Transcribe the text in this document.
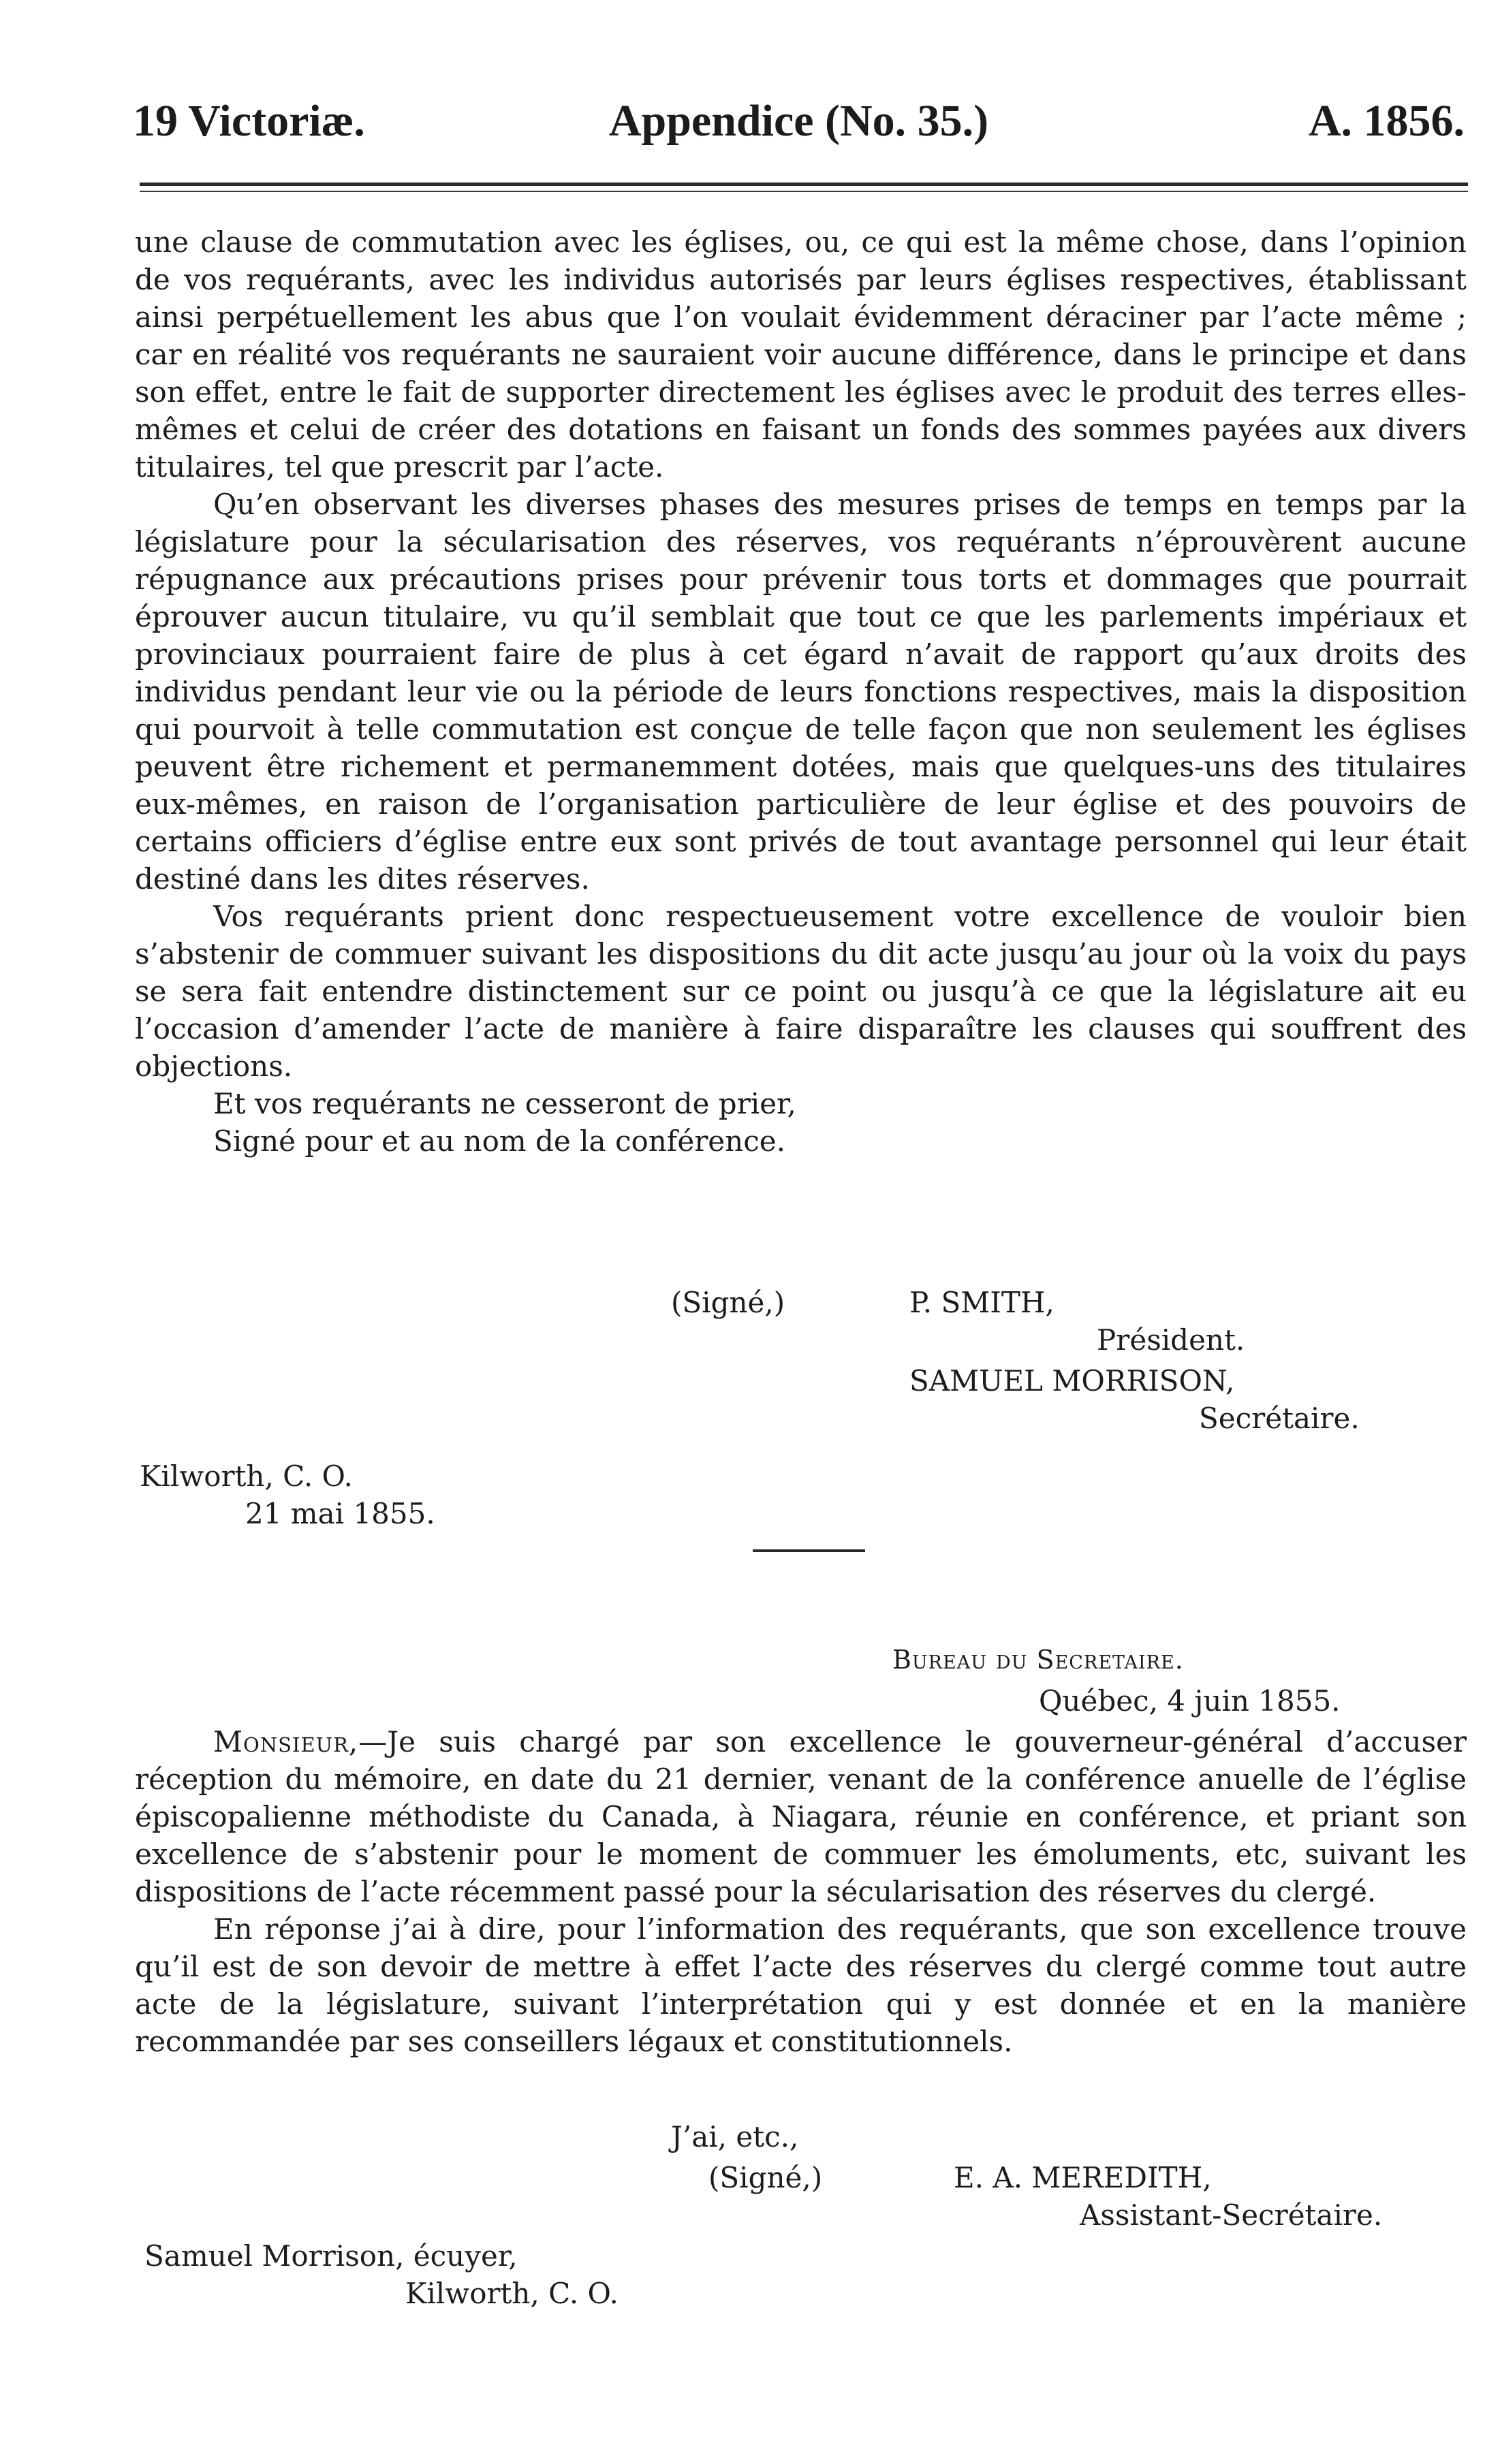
19 Victoriæ.	Appendice (No. 35.)	A. 1856.

une clause de commutation avec les églises, ou, ce qui est la même chose, dans l’opinion de vos requérants, avec les individus autorisés par leurs églises respectives, établissant ainsi perpétuellement les abus que l’on voulait évidemment déraciner par l’acte même ; car en réalité vos requérants ne sauraient voir aucune différence, dans le principe et dans son effet, entre le fait de supporter directement les églises avec le produit des terres elles-mêmes et celui de créer des dotations en faisant un fonds des sommes payées aux divers titulaires, tel que prescrit par l’acte.

Qu’en observant les diverses phases des mesures prises de temps en temps par la législature pour la sécularisation des réserves, vos requérants n’éprouvèrent aucune répugnance aux précautions prises pour prévenir tous torts et dommages que pourrait éprouver aucun titulaire, vu qu’il semblait que tout ce que les parlements impériaux et provinciaux pourraient faire de plus à cet égard n’avait de rapport qu’aux droits des individus pendant leur vie ou la période de leurs fonctions respectives, mais la disposition qui pourvoit à telle commutation est conçue de telle façon que non seulement les églises peuvent être richement et permanemment dotées, mais que quelques-uns des titulaires eux-mêmes, en raison de l’organisation particulière de leur église et des pouvoirs de certains officiers d’église entre eux sont privés de tout avantage personnel qui leur était destiné dans les dites réserves.

Vos requérants prient donc respectueusement votre excellence de vouloir bien s’abstenir de commuer suivant les dispositions du dit acte jusqu’au jour où la voix du pays se sera fait entendre distinctement sur ce point ou jusqu’à ce que la législature ait eu l’occasion d’amender l’acte de manière à faire disparaître les clauses qui souffrent des objections.

Et vos requérants ne cesseront de prier,

Signé pour et au nom de la conférence.

(Signé,)	P. SMITH,
Président.
SAMUEL MORRISON,
Secrétaire.
Kilworth, C. O.
21 mai 1855.
Bureau du Secretaire.
Québec, 4 juin 1855.

Monsieur,—Je suis chargé par son excellence le gouverneur-général d’accuser réception du mémoire, en date du 21 dernier, venant de la conférence anuelle de l’église épiscopalienne méthodiste du Canada, à Niagara, réunie en conférence, et priant son excellence de s’abstenir pour le moment de commuer les émoluments, etc, suivant les dispositions de l’acte récemment passé pour la sécularisation des réserves du clergé.

En réponse j’ai à dire, pour l’information des requérants, que son excellence trouve qu’il est de son devoir de mettre à effet l’acte des réserves du clergé comme tout autre acte de la législature, suivant l’interprétation qui y est donnée et en la manière recommandée par ses conseillers légaux et constitutionnels.

J’ai, etc.,
(Signé,)	E. A. MEREDITH,
Assistant-Secrétaire.
Samuel Morrison, écuyer,
Kilworth, C. O.
